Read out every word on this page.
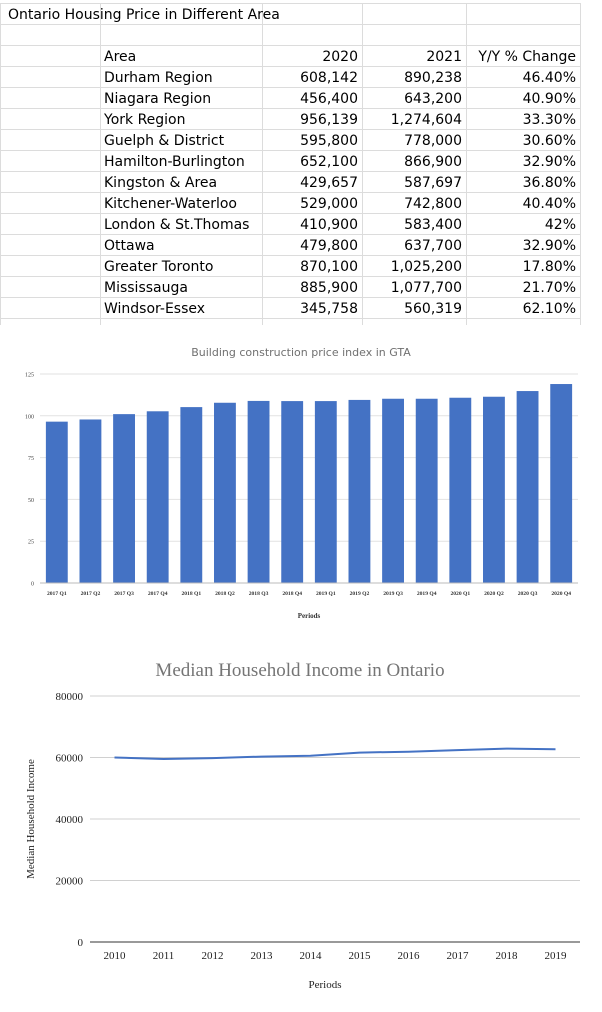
Ontario Housing Price in Different Area
Area	2020	2021	Y/Y % Change
Durham Region	608,142	890,238	46.40%
Niagara Region	456,400	643,200	40.90%
York Region	956,139	1,274,604	33.30%
Guelph & District	595,800	778,000	30.60%
Hamilton-Burlington	652,100	866,900	32.90%
Kingston & Area	429,657	587,697	36.80%
Kitchener-Waterloo	529,000	742,800	40.40%
London & St.Thomas	410,900	583,400	42%
Ottawa	479,800	637,700	32.90%
Greater Toronto	870,100	1,025,200	17.80%
Mississauga	885,900	1,077,700	21.70%
Windsor-Essex	345,758	560,319	62.10%
Building construction price index in GTA
0
25
50
75
100
125
2017 Q1 2017 Q2 2017 Q3 2017 Q4 2018 Q1 2018 Q2 2018 Q3 2018 Q4 2019 Q1 2019 Q2 2019 Q3 2019 Q4 2020 Q1 2020 Q2 2020 Q3 2020 Q4
Periods
Median Household Income in Ontario
0
20000
40000
60000
80000
2010 2011 2012 2013 2014 2015 2016 2017 2018 2019
Periods
Median Household Income
